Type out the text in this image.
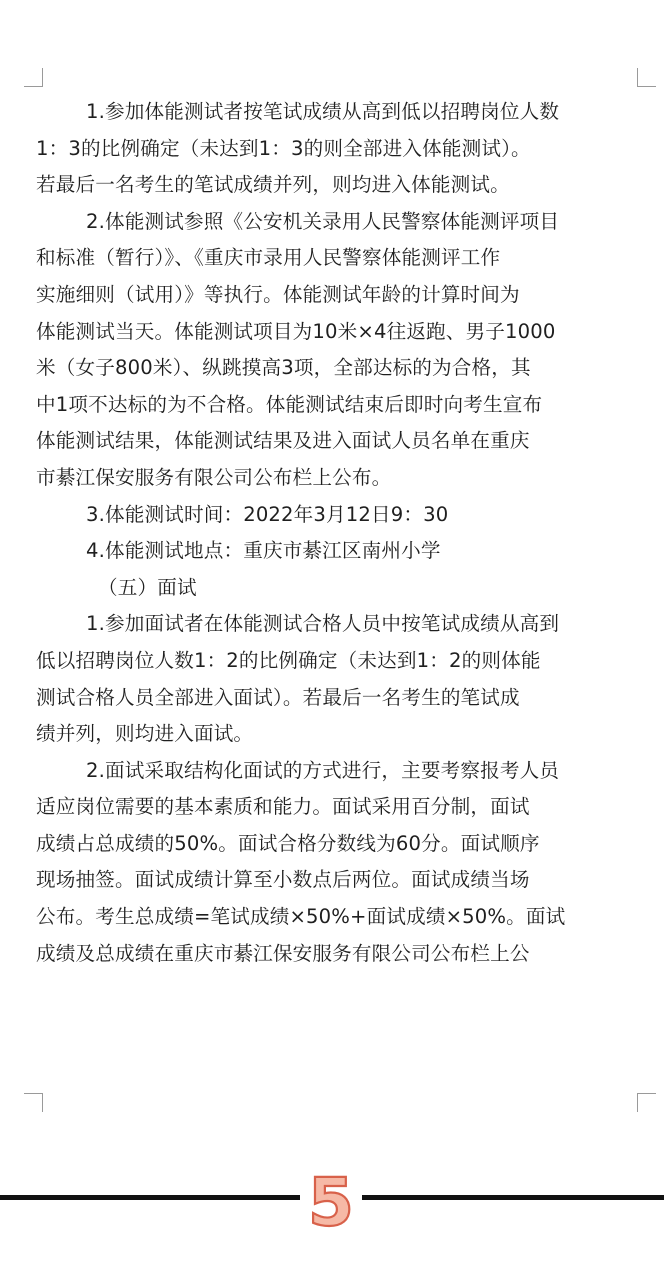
1.参加体能测试者按笔试成绩从高到低以招聘岗位人数
1：3的比例确定（未达到1：3的则全部进入体能测试）。
若最后一名考生的笔试成绩并列，则均进入体能测试。
2.体能测试参照《公安机关录用人民警察体能测评项目
和标准（暂行）》、《重庆市录用人民警察体能测评工作
实施细则（试用）》等执行。体能测试年龄的计算时间为
体能测试当天。体能测试项目为10米×4往返跑、男子1000
米（女子800米）、纵跳摸高3项，全部达标的为合格，其
中1项不达标的为不合格。体能测试结束后即时向考生宣布
体能测试结果，体能测试结果及进入面试人员名单在重庆
市綦江保安服务有限公司公布栏上公布。
3.体能测试时间：2022年3月12日9：30
4.体能测试地点：重庆市綦江区南州小学
（五）面试
1.参加面试者在体能测试合格人员中按笔试成绩从高到
低以招聘岗位人数1：2的比例确定（未达到1：2的则体能
测试合格人员全部进入面试）。若最后一名考生的笔试成
绩并列，则均进入面试。
2.面试采取结构化面试的方式进行，主要考察报考人员
适应岗位需要的基本素质和能力。面试采用百分制，面试
成绩占总成绩的50%。面试合格分数线为60分。面试顺序
现场抽签。面试成绩计算至小数点后两位。面试成绩当场
公布。考生总成绩=笔试成绩×50%+面试成绩×50%。面试
成绩及总成绩在重庆市綦江保安服务有限公司公布栏上公
5
